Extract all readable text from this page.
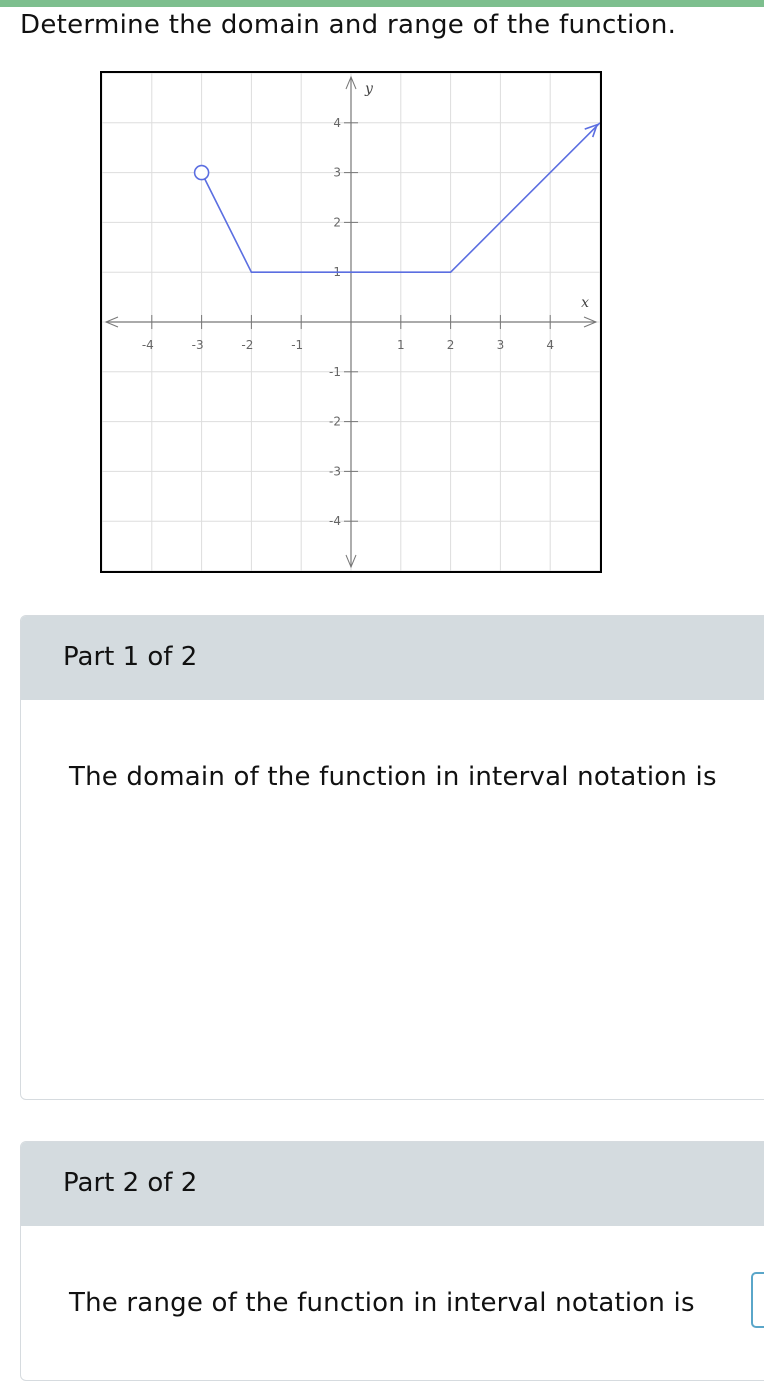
Determine the domain and range of the function.
-4	-3	-2	-1	1	2	3	4
4
3
2
1
-1
-2
-3
-4
x
y
Part 1 of 2
The domain of the function in interval notation is
Part 2 of 2
The range of the function in interval notation is
